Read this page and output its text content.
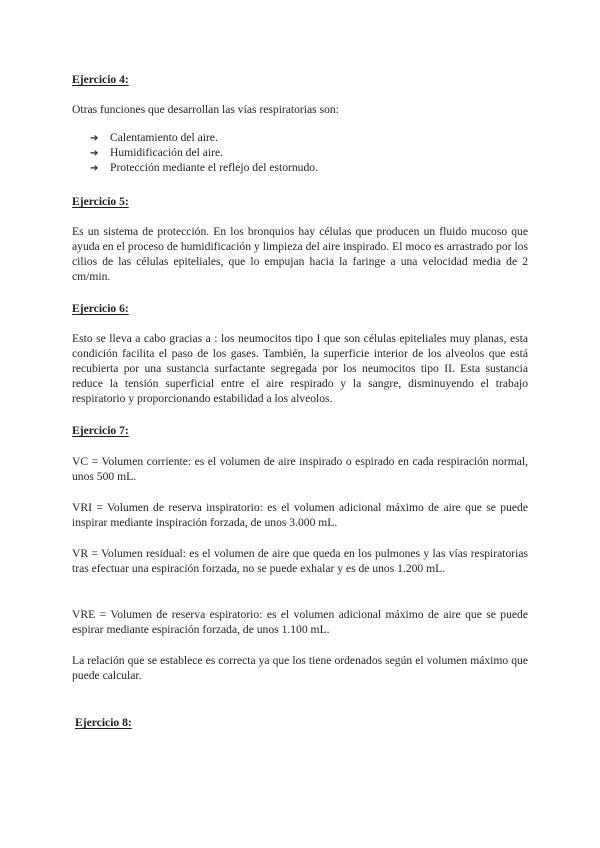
Ejercicio 4:

Otras funciones que desarrollan las vías respiratorias son:

➔ Calentamiento del aire.
➔ Humidificación del aire.
➔ Protección mediante el reflejo del estornudo.
Ejercicio 5:

Es un sistema de protección. En los bronquios hay células que producen un fluido mucoso que ayuda en el proceso de humidificación y limpieza del aire inspirado. El moco es arrastrado por los cilios de las células epiteliales, que lo empujan hacia la faringe a una velocidad media de 2 cm/min.

Ejercicio 6:

Esto se lleva a cabo gracias a : los neumocitos tipo I que son células epiteliales muy planas, esta condición facilita el paso de los gases. También, la superficie interior de los alveolos que está recubierta por una sustancia surfactante segregada por los neumocitos tipo II. Esta sustancia reduce la tensión superficial entre el aire respirado y la sangre, disminuyendo el trabajo respiratorio y proporcionando estabilidad a los alveolos.

Ejercicio 7:

VC = Volumen corriente: es el volumen de aire inspirado o espirado en cada respiración normal, unos 500 mL.

VRI = Volumen de reserva inspiratorio: es el volumen adicional máximo de aire que se puede inspirar mediante inspiración forzada, de unos 3.000 mL.

VR = Volumen residual: es el volumen de aire que queda en los pulmones y las vías respiratorias tras efectuar una espiración forzada, no se puede exhalar y es de unos 1.200 mL.

VRE = Volumen de reserva espiratorio: es el volumen adicional máximo de aire que se puede espirar mediante espiración forzada, de unos 1.100 mL.

La relación que se establece es correcta ya que los tiene ordenados según el volumen máximo que puede calcular.

Ejercicio 8:
